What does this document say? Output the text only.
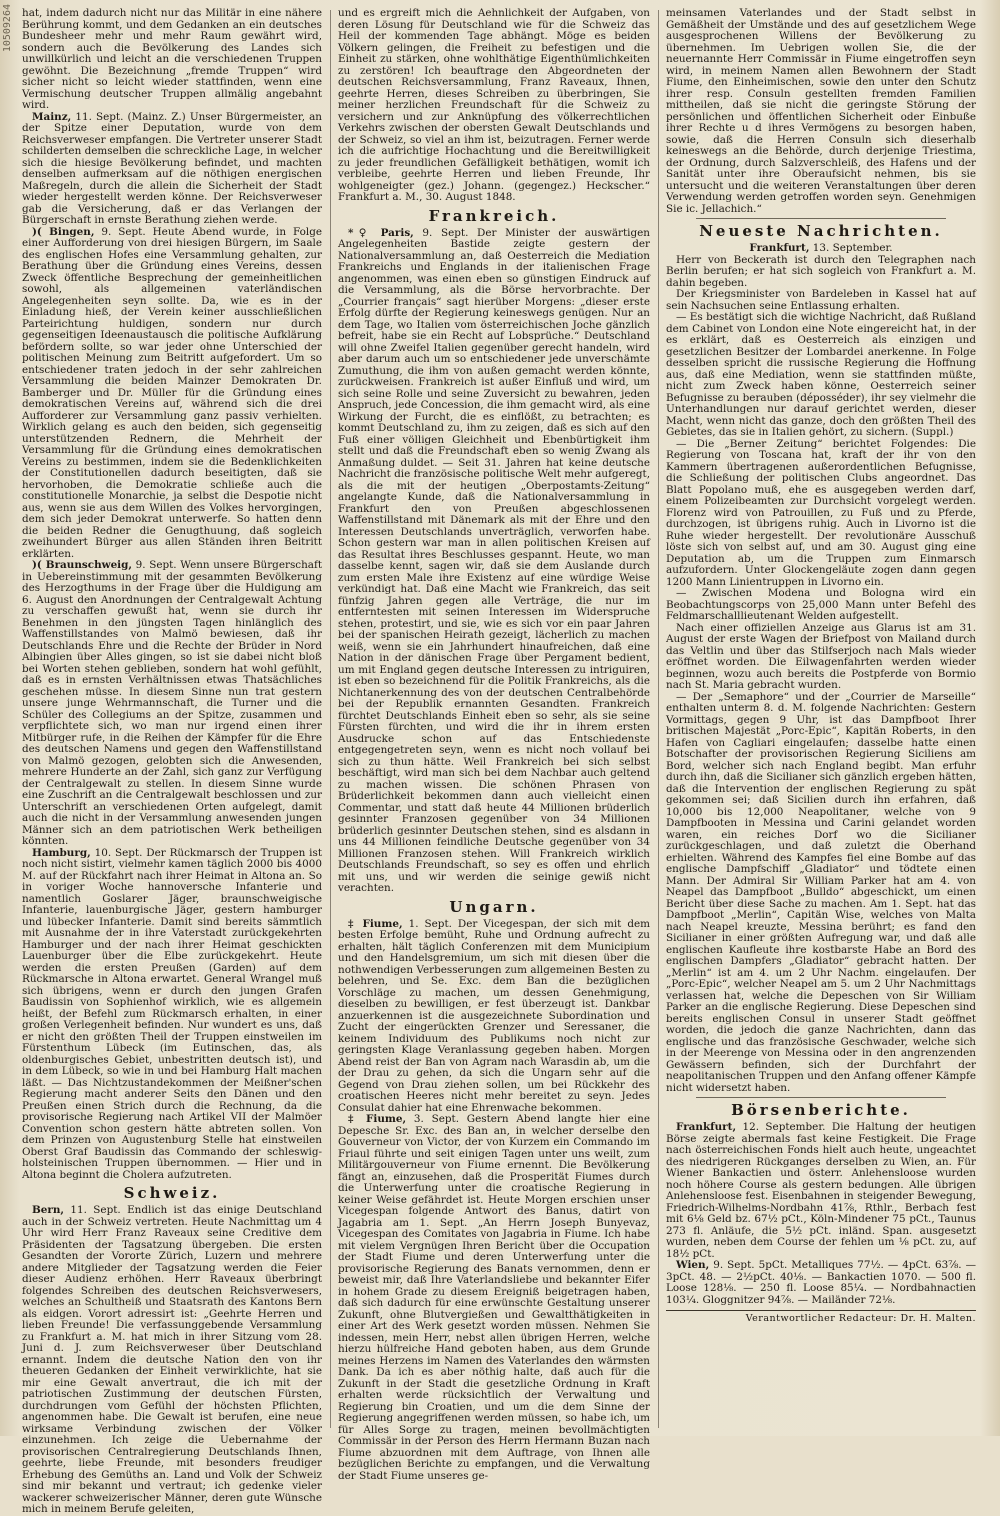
10509264 hat, indem dadurch nicht nur das Militär in eine nähere Berührung kommt, und dem Gedanken an ein deutsches Bundesheer mehr und mehr Raum gewährt wird, sondern auch die Bevölkerung des Landes sich unwillkürlich und leicht an die verschiedenen Truppen gewöhnt. Die Bezeichnung „fremde Truppen“ wird sicher nicht so leicht wieder stattfinden, wenn eine Vermischung deutscher Truppen allmälig angebahnt wird.

Mainz, 11. Sept. (Mainz. Z.) Unser Bürgermeister, an der Spitze einer Deputation, wurde von dem Reichsverweser empfangen. Die Vertreter unserer Stadt schilderten demselben die schreckliche Lage, in welcher sich die hiesige Bevölkerung befindet, und machten denselben aufmerksam auf die nöthigen energischen Maßregeln, durch die allein die Sicherheit der Stadt wieder hergestellt werden könne. Der Reichsverweser gab die Versicherung, daß er das Verlangen der Bürgerschaft in ernste Berathung ziehen werde.

)( Bingen, 9. Sept. Heute Abend wurde, in Folge einer Aufforderung von drei hiesigen Bürgern, im Saale des englischen Hofes eine Versammlung gehalten, zur Berathung über die Gründung eines Vereins, dessen Zweck öffentliche Besprechung der gemeinheitlichen sowohl, als allgemeinen vaterländischen Angelegenheiten seyn sollte. Da, wie es in der Einladung hieß, der Verein keiner ausschließlichen Parteirichtung huldigen, sondern nur durch gegenseitigen Ideenaustausch die politische Aufklärung befördern sollte, so war jeder ohne Unterschied der politischen Meinung zum Beitritt aufgefordert. Um so entschiedener traten jedoch in der sehr zahlreichen Versammlung die beiden Mainzer Demokraten Dr. Bamberger und Dr. Müller für die Gründung eines demokratischen Vereins auf, während sich die drei Aufforderer zur Versammlung ganz passiv verhielten. Wirklich gelang es auch den beiden, sich gegenseitig unterstützenden Rednern, die Mehrheit der Versammlung für die Gründung eines demokratischen Vereins zu bestimmen, indem sie die Bedenklichkeiten der Constitutionellen dadurch beseitigten, daß sie hervorhoben, die Demokratie schließe auch die constitutionelle Monarchie, ja selbst die Despotie nicht aus, wenn sie aus dem Willen des Volkes hervorgingen, dem sich jeder Demokrat unterwerfe. So hatten denn die beiden Redner die Genugthuung, daß sogleich zweihundert Bürger aus allen Ständen ihren Beitritt erklärten.

)( Braunschweig, 9. Sept. Wenn unsere Bürgerschaft in Uebereinstimmung mit der gesammten Bevölkerung des Herzogthums in der Frage über die Huldigung am 6. August den Anordnungen der Centralgewalt Achtung zu verschaffen gewußt hat, wenn sie durch ihr Benehmen in den jüngsten Tagen hinlänglich des Waffenstillstandes von Malmö bewiesen, daß ihr Deutschlands Ehre und die Rechte der Brüder in Nord Albingien über Alles gingen, so ist sie dabei nicht bloß bei Worten stehen geblieben, sondern hat wohl gefühlt, daß es in ernsten Verhältnissen etwas Thatsächliches geschehen müsse. In diesem Sinne nun trat gestern unsere junge Wehrmannschaft, die Turner und die Schüler des Collegiums an der Spitze, zusammen und verpflichtete sich, wo man nur irgend einen ihrer Mitbürger rufe, in die Reihen der Kämpfer für die Ehre des deutschen Namens und gegen den Waffenstillstand von Malmö gezogen, gelobten sich die Anwesenden, mehrere Hunderte an der Zahl, sich ganz zur Verfügung der Centralgewalt zu stellen. In diesem Sinne wurde eine Zuschrift an die Centralgewalt beschlossen und zur Unterschrift an verschiedenen Orten aufgelegt, damit auch die nicht in der Versammlung anwesenden jungen Männer sich an dem patriotischen Werk betheiligen könnten.

Hamburg, 10. Sept. Der Rückmarsch der Truppen ist noch nicht sistirt, vielmehr kamen täglich 2000 bis 4000 M. auf der Rückfahrt nach ihrer Heimat in Altona an. So in voriger Woche hannoversche Infanterie und namentlich Goslarer Jäger, braunschweigische Infanterie, lauenburgische Jäger, gestern hamburger und lübecker Infanterie. Damit sind bereits sämmtlich mit Ausnahme der in ihre Vaterstadt zurückgekehrten Hamburger und der nach ihrer Heimat geschickten Lauenburger über die Elbe zurückgekehrt. Heute werden die ersten Preußen (Garden) auf dem Rückmarsche in Altona erwartet. General Wrangel muß sich übrigens, wenn er durch den jungen Grafen Baudissin von Sophienhof wirklich, wie es allgemein heißt, der Befehl zum Rückmarsch erhalten, in einer großen Verlegenheit befinden. Nur wundert es uns, daß er nicht den größten Theil der Truppen einstweilen im Fürstenthum Lübeck (im Eutinschen, das, als oldenburgisches Gebiet, unbestritten deutsch ist), und in dem Lübeck, so wie in und bei Hamburg Halt machen läßt. — Das Nichtzustandekommen der Meißner'schen Regierung macht anderer Seits den Dänen und den Preußen einen Strich durch die Rechnung, da die provisorische Regierung nach Artikel VII der Malmöer Convention schon gestern hätte abtreten sollen. Von dem Prinzen von Augustenburg Stelle hat einstweilen Oberst Graf Baudissin das Commando der schleswig-holsteinischen Truppen übernommen. — Hier und in Altona beginnt die Cholera aufzutreten.

Schweiz.

Bern, 11. Sept. Endlich ist das einige Deutschland auch in der Schweiz vertreten. Heute Nachmittag um 4 Uhr wird Herr Franz Raveaux seine Creditive dem Präsidenten der Tagsatzung übergeben. Die ersten Gesandten der Vororte Zürich, Luzern und mehrere andere Mitglieder der Tagsatzung werden die Feier dieser Audienz erhöhen. Herr Raveaux überbringt folgendes Schreiben des deutschen Reichsverwesers, welches an Schultheiß und Staatsrath des Kantons Bern als eidgen. Vorort adressirt ist: „Geehrte Herren und lieben Freunde! Die verfassunggebende Versammlung zu Frankfurt a. M. hat mich in ihrer Sitzung vom 28. Juni d. J. zum Reichsverweser über Deutschland ernannt. Indem die deutsche Nation den von ihr theueren Gedanken der Einheit verwirklichte, hat sie mir eine Gewalt anvertraut, die ich mit der patriotischen Zustimmung der deutschen Fürsten, durchdrungen vom Gefühl der höchsten Pflichten, angenommen habe. Die Gewalt ist berufen, eine neue wirksame Verbindung zwischen der Völker einzunehmen. Ich zeige die Uebernahme der provisorischen Centralregierung Deutschlands Ihnen, geehrte, liebe Freunde, mit besonders freudiger Erhebung des Gemüths an. Land und Volk der Schweiz sind mir bekannt und vertraut; ich gedenke vieler wackerer schweizerischer Männer, deren gute Wünsche mich in meinem Berufe geleiten,

und es ergreift mich die Aehnlichkeit der Aufgaben, von deren Lösung für Deutschland wie für die Schweiz das Heil der kommenden Tage abhängt. Möge es beiden Völkern gelingen, die Freiheit zu befestigen und die Einheit zu stärken, ohne wohlthätige Eigenthümlichkeiten zu zerstören! Ich beauftrage den Abgeordneten der deutschen Reichsversammlung, Franz Raveaux, Ihnen, geehrte Herren, dieses Schreiben zu überbringen, Sie meiner herzlichen Freundschaft für die Schweiz zu versichern und zur Anknüpfung des völkerrechtlichen Verkehrs zwischen der obersten Gewalt Deutschlands und der Schweiz, so viel an ihm ist, beizutragen. Ferner werde ich die aufrichtige Hochachtung und die Bereitwilligkeit zu jeder freundlichen Gefälligkeit bethätigen, womit ich verbleibe, geehrte Herren und lieben Freunde, Ihr wohlgeneigter (gez.) Johann. (gegengez.) Heckscher.“ Frankfurt a. M., 30. August 1848.

Frankreich.

*♀ Paris, 9. Sept. Der Minister der auswärtigen Angelegenheiten Bastide zeigte gestern der Nationalversammlung an, daß Oesterreich die Mediation Frankreichs und Englands in der italienischen Frage angenommen, was einen eben so günstigen Eindruck auf die Versammlung, als die Börse hervorbrachte. Der „Courrier français“ sagt hierüber Morgens: „dieser erste Erfolg dürfte der Regierung keineswegs genügen. Nur an dem Tage, wo Italien vom österreichischen Joche gänzlich befreit, habe sie ein Recht auf Lobsprüche.“ Deutschland will ohne Zweifel Italien gegenüber gerecht handeln, wird aber darum auch um so entschiedener jede unverschämte Zumuthung, die ihm von außen gemacht werden könnte, zurückweisen. Frankreich ist außer Einfluß und wird, um sich seine Rolle und seine Zuversicht zu bewahren, jeden Anspruch, jede Concession, die ihm gemacht wird, als eine Wirkung der Furcht, die es einflößt, zu betrachten; es kommt Deutschland zu, ihm zu zeigen, daß es sich auf den Fuß einer völligen Gleichheit und Ebenbürtigkeit ihm stellt und daß die Freundschaft eben so wenig Zwang als Anmaßung duldet. — Seit 31. Jahren hat keine deutsche Nachricht die französische politische Welt mehr aufgeregt, als die mit der heutigen „Oberpostamts-Zeitung“ angelangte Kunde, daß die Nationalversammlung in Frankfurt den von Preußen abgeschlossenen Waffenstillstand mit Dänemark als mit der Ehre und den Interessen Deutschlands unverträglich, verworfen habe. Schon gestern war man in allen politischen Kreisen auf das Resultat ihres Beschlusses gespannt. Heute, wo man dasselbe kennt, sagen wir, daß sie dem Auslande durch zum ersten Male ihre Existenz auf eine würdige Weise verkündigt hat. Daß eine Macht wie Frankreich, das seit fünfzig Jahren gegen alle Verträge, die nur im entferntesten mit seinen Interessen im Widerspruche stehen, protestirt, und sie, wie es sich vor ein paar Jahren bei der spanischen Heirath gezeigt, lächerlich zu machen weiß, wenn sie ein Jahrhundert hinaufreichen, daß eine Nation in der dänischen Frage über Pergament bedient, um mit England gegen deutsche Interessen zu intriguiren, ist eben so bezeichnend für die Politik Frankreichs, als die Nichtanerkennung des von der deutschen Centralbehörde bei der Republik ernannten Gesandten. Frankreich fürchtet Deutschlands Einheit eben so sehr, als sie seine Fürsten fürchten, und wird die ihr in ihrem ersten Ausdrucke schon auf das Entschiedenste entgegengetreten seyn, wenn es nicht noch vollauf bei sich zu thun hätte. Weil Frankreich bei sich selbst beschäftigt, wird man sich bei dem Nachbar auch geltend zu machen wissen. Die schönen Phrasen von Brüderlichkeit bekommen dann auch vielleicht einen Commentar, und statt daß heute 44 Millionen brüderlich gesinnter Franzosen gegenüber von 34 Millionen brüderlich gesinnter Deutschen stehen, sind es alsdann in uns 44 Millionen feindliche Deutsche gegenüber von 34 Millionen Franzosen stehen. Will Frankreich wirklich Deutschlands Freundschaft, so sey es offen und ehrlich mit uns, und wir werden die seinige gewiß nicht verachten.

Ungarn.

‡ Fiume, 1. Sept. Der Vicegespan, der sich mit dem besten Erfolge bemüht, Ruhe und Ordnung aufrecht zu erhalten, hält täglich Conferenzen mit dem Municipium und den Handelsgremium, um sich mit diesen über die nothwendigen Verbesserungen zum allgemeinen Besten zu belehren, und Se. Exc. dem Ban die bezüglichen Vorschläge zu machen, um dessen Genehmigung, dieselben zu bewilligen, er fest überzeugt ist. Dankbar anzuerkennen ist die ausgezeichnete Subordination und Zucht der eingerückten Grenzer und Seressaner, die keinem Individuum des Publikums noch nicht zur geringsten Klage Veranlassung gegeben haben. Morgen Abend reist der Ban von Agram nach Warasdin ab, um die der Drau zu gehen, da sich die Ungarn sehr auf die Gegend von Drau ziehen sollen, um bei Rückkehr des croatischen Heeres nicht mehr bereitet zu seyn. Jedes Consulat dahier hat eine Ehrenwache bekommen.

‡ Fiume, 3. Sept. Gestern Abend langte hier eine Depesche Sr. Exc. des Ban an, in welcher derselbe den Gouverneur von Victor, der von Kurzem ein Commando im Friaul führte und seit einigen Tagen unter uns weilt, zum Militärgouverneur von Fiume ernennt. Die Bevölkerung fängt an, einzusehen, daß die Prosperität Fiumes durch die Unterwerfung unter die croatische Regierung in keiner Weise gefährdet ist. Heute Morgen erschien unser Vicegespan folgende Antwort des Banus, datirt von Jagabria am 1. Sept. „An Herrn Joseph Bunyevaz, Vicegespan des Comitates von Jagabria in Fiume. Ich habe mit vielem Vergnügen Ihren Bericht über die Occupation der Stadt Fiume und deren Unterwerfung unter die provisorische Regierung des Banats vernommen, denn er beweist mir, daß Ihre Vaterlandsliebe und bekannter Eifer in hohem Grade zu diesem Ereigniß beigetragen haben, daß sich dadurch für eine erwünschte Gestaltung unserer Zukunft, ohne Blutvergießen und Gewaltthätigkeiten in einer Art des Werk gesetzt worden müssen. Nehmen Sie indessen, mein Herr, nebst allen übrigen Herren, welche hierzu hülfreiche Hand geboten haben, aus dem Grunde meines Herzens im Namen des Vaterlandes den wärmsten Dank. Da ich es aber nöthig halte, daß auch für die Zukunft in der Stadt die gesetzliche Ordnung in Kraft erhalten werde rücksichtlich der Verwaltung und Regierung bin Croatien, und um die dem Sinne der Regierung angegriffenen werden müssen, so habe ich, um für Alles Sorge zu tragen, meinen bevollmächtigten Commissär in der Person des Herrn Hermann Buzan nach Fiume abzuordnen mit dem Auftrage, von Ihnen alle bezüglichen Berichte zu empfangen, und die Verwaltung der Stadt Fiume unseres ge-

meinsamen Vaterlandes und der Stadt selbst in Gemäßheit der Umstände und des auf gesetzlichem Wege ausgesprochenen Willens der Bevölkerung zu übernehmen. Im Uebrigen wollen Sie, die der neuernannte Herr Commissär in Fiume eingetroffen seyn wird, in meinem Namen allen Bewohnern der Stadt Fiume, den Einheimischen, sowie den unter den Schutz ihrer resp. Consuln gestellten fremden Familien mittheilen, daß sie nicht die geringste Störung der persönlichen und öffentlichen Sicherheit oder Einbuße ihrer Rechte u d ihres Vermögens zu besorgen haben, sowie, daß die Herren Consuln sich dieserhalb keineswegs an die Behörde, durch derjenige Triestima, der Ordnung, durch Salzverschleiß, des Hafens und der Sanität unter ihre Oberaufsicht nehmen, bis sie untersucht und die weiteren Veranstaltungen über deren Verwendung werden getroffen worden seyn. Genehmigen Sie ic. Jellachich.“

Neueste Nachrichten.
Frankfurt, 13. September.

Herr von Beckerath ist durch den Telegraphen nach Berlin berufen; er hat sich sogleich von Frankfurt a. M. dahin begeben.

Der Kriegsminister von Bardeleben in Kassel hat auf sein Nachsuchen seine Entlassung erhalten.

— Es bestätigt sich die wichtige Nachricht, daß Rußland dem Cabinet von London eine Note eingereicht hat, in der es erklärt, daß es Oesterreich als einzigen und gesetzlichen Besitzer der Lombardei anerkenne. In Folge desselben spricht die russische Regierung die Hoffnung aus, daß eine Mediation, wenn sie stattfinden müßte, nicht zum Zweck haben könne, Oesterreich seiner Befugnisse zu berauben (déposséder), ihr sey vielmehr die Unterhandlungen nur darauf gerichtet werden, dieser Macht, wenn nicht das ganze, doch den größten Theil des Gebietes, das sie in Italien gehört, zu sichern. (Suppl.)

— Die „Berner Zeitung“ berichtet Folgendes: Die Regierung von Toscana hat, kraft der ihr von den Kammern übertragenen außerordentlichen Befugnisse, die Schließung der politischen Clubs angeordnet. Das Blatt Popolano muß, ehe es ausgegeben werden darf, einem Polizeibeamten zur Durchsicht vorgelegt werden. Florenz wird von Patrouillen, zu Fuß und zu Pferde, durchzogen, ist übrigens ruhig. Auch in Livorno ist die Ruhe wieder hergestellt. Der revolutionäre Ausschuß löste sich von selbst auf, und am 30. August ging eine Deputation ab, um die Truppen zum Einmarsch aufzufordern. Unter Glockengeläute zogen dann gegen 1200 Mann Linientruppen in Livorno ein.

— Zwischen Modena und Bologna wird ein Beobachtungscorps von 25,000 Mann unter Befehl des Feldmarschalllieutenant Welden aufgestellt.

Nach einer offiziellen Anzeige aus Glarus ist am 31. August der erste Wagen der Briefpost von Mailand durch das Veltlin und über das Stilfserjoch nach Mals wieder eröffnet worden. Die Eilwagenfahrten werden wieder beginnen, wozu auch bereits die Postpferde von Bormio nach St. Maria gebracht wurden.

— Der „Semaphore“ und der „Courrier de Marseille“ enthalten unterm 8. d. M. folgende Nachrichten: Gestern Vormittags, gegen 9 Uhr, ist das Dampfboot Ihrer britischen Majestät „Porc-Epic“, Kapitän Roberts, in den Hafen von Cagliari eingelaufen; dasselbe hatte einen Botschafter der provisorischen Regierung Siciliens am Bord, welcher sich nach England begibt. Man erfuhr durch ihn, daß die Sicilianer sich gänzlich ergeben hätten, daß die Intervention der englischen Regierung zu spät gekommen sei; daß Sicilien durch ihn erfahren, daß 10,000 bis 12,000 Neapolitaner, welche von 9 Dampfbooten in Messina und Carini gelandet worden waren, ein reiches Dorf wo die Sicilianer zurückgeschlagen, und daß zuletzt die Oberhand erhielten. Während des Kampfes fiel eine Bombe auf das englische Dampfschiff „Gladiator“ und tödtete einen Mann. Der Admiral Sir William Parker hat am 4. von Neapel das Dampfboot „Bulldo“ abgeschickt, um einen Bericht über diese Sache zu machen. Am 1. Sept. hat das Dampfboot „Merlin“, Capitän Wise, welches von Malta nach Neapel kreuzte, Messina berührt; es fand den Sicilianer in einer größten Aufregung war, und daß alle englischen Kaufleute ihre kostbarste Habe an Bord des englischen Dampfers „Gladiator“ gebracht hatten. Der „Merlin“ ist am 4. um 2 Uhr Nachm. eingelaufen. Der „Porc-Epic“, welcher Neapel am 5. um 2 Uhr Nachmittags verlassen hat, welche die Depeschen von Sir William Parker an die englische Regierung. Diese Depeschen sind bereits englischen Consul in unserer Stadt geöffnet worden, die jedoch die ganze Nachrichten, dann das englische und das französische Geschwader, welche sich in der Meerenge von Messina oder in den angrenzenden Gewässern befinden, sich der Durchfahrt der neapolitanischen Truppen und den Anfang offener Kämpfe nicht widersetzt haben.

Börsenberichte.

Frankfurt, 12. September. Die Haltung der heutigen Börse zeigte abermals fast keine Festigkeit. Die Frage nach österreichischen Fonds hielt auch heute, ungeachtet des niedrigeren Rückganges derselben zu Wien, an. Für Wiener Bankactien und österr. Anlehensloose wurden noch höhere Course als gestern bedungen. Alle übrigen Anlehensloose fest. Eisenbahnen in steigender Bewegung, Friedrich-Wilhelms-Nordbahn 41⅞, Rthlr., Berbach fest mit 6⅛ Geld bz. 67½ pCt., Köln-Mindener 75 pCt., Taunus 273 fl. Anläufe, die 5½ pCt. inländ. Span. ausgesetzt wurden, neben dem Course der fehlen um ⅛ pCt. zu, auf 18½ pCt.

Wien, 9. Sept. 5pCt. Metalliques 77½. — 4pCt. 63⅞. — 3pCt. 48. — 2½pCt. 40⅛. — Bankactien 1070. — 500 fl. Loose 128⅛. — 250 fl. Loose 85¼. — Nordbahnactien 103¼. Gloggnitzer 94⅞. — Mailänder 72⅛.

Verantwortlicher Redacteur: Dr. H. Malten.
